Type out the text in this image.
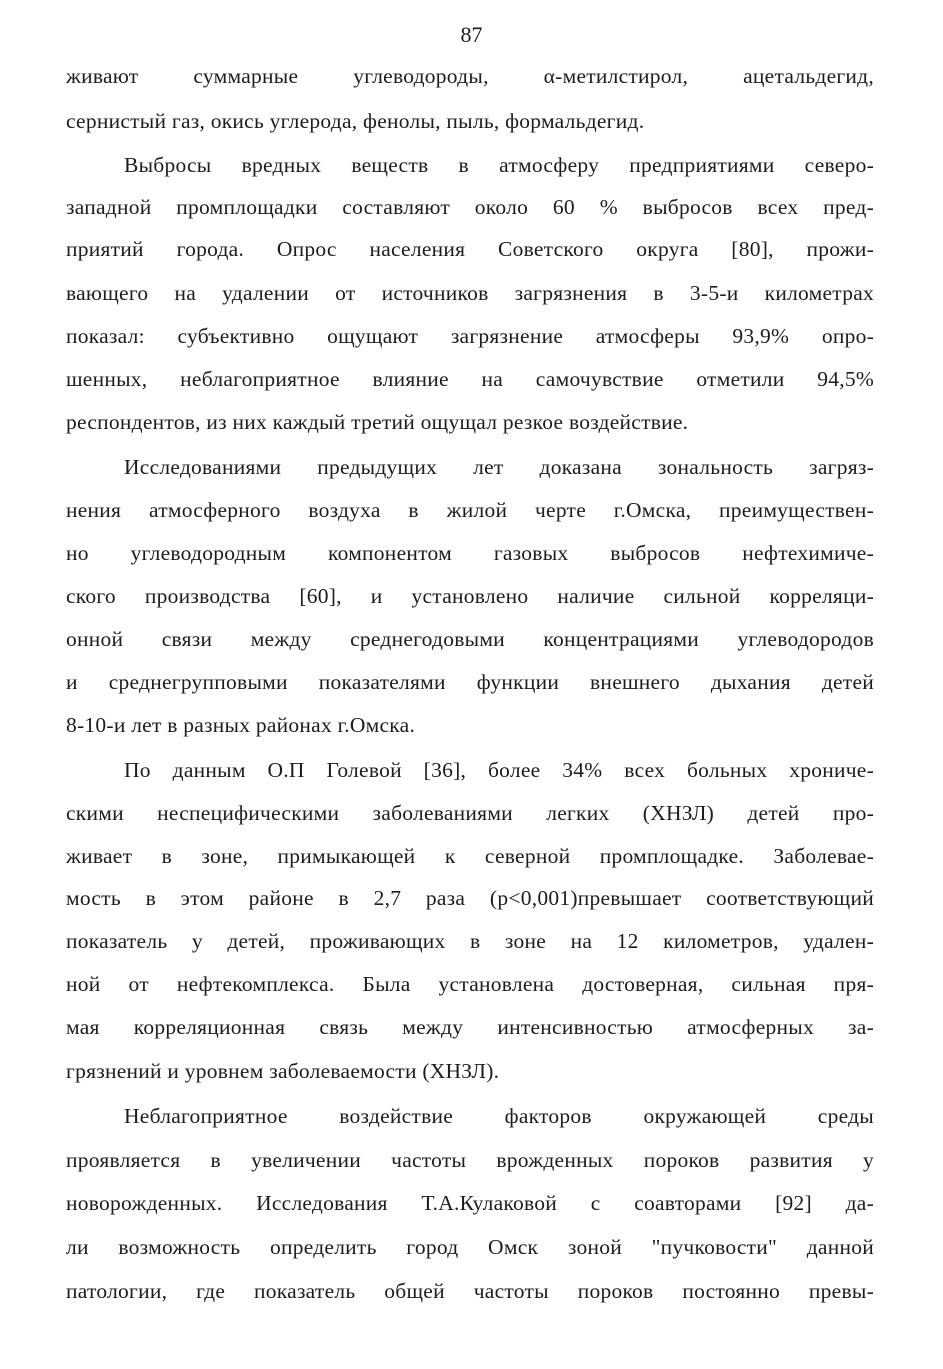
87
живают суммарные углеводороды, α-метилстирол, ацетальдегид,
сернистый газ, окись углерода, фенолы, пыль, формальдегид.
Выбросы вредных веществ в атмосферу предприятиями северо-
западной промплощадки составляют около 60 % выбросов всех пред-
приятий города. Опрос населения Советского округа [80], прожи-
вающего на удалении от источников загрязнения в 3-5-и километрах
показал: субъективно ощущают загрязнение атмосферы 93,9% опро-
шенных, неблагоприятное влияние на самочувствие отметили 94,5%
респондентов, из них каждый третий ощущал резкое воздействие.
Исследованиями предыдущих лет доказана зональность загряз-
нения атмосферного воздуха в жилой черте г.Омска, преимуществен-
но углеводородным компонентом газовых выбросов нефтехимиче-
ского производства [60], и установлено наличие сильной корреляци-
онной связи между среднегодовыми концентрациями углеводородов
и среднегрупповыми показателями функции внешнего дыхания детей
8-10-и лет в разных районах г.Омска.
По данным О.П Голевой [36], более 34% всех больных хрониче-
скими неспецифическими заболеваниями легких (ХНЗЛ) детей про-
живает в зоне, примыкающей к северной промплощадке. Заболевае-
мость в этом районе в 2,7 раза (р<0,001)превышает соответствующий
показатель у детей, проживающих в зоне на 12 километров, удален-
ной от нефтекомплекса. Была установлена достоверная, сильная пря-
мая корреляционная связь между интенсивностью атмосферных за-
грязнений и уровнем заболеваемости (ХНЗЛ).
Неблагоприятное воздействие факторов окружающей среды
проявляется в увеличении частоты врожденных пороков развития у
новорожденных. Исследования Т.А.Кулаковой с соавторами [92] да-
ли возможность определить город Омск зоной "пучковости" данной
патологии, где показатель общей частоты пороков постоянно превы-
